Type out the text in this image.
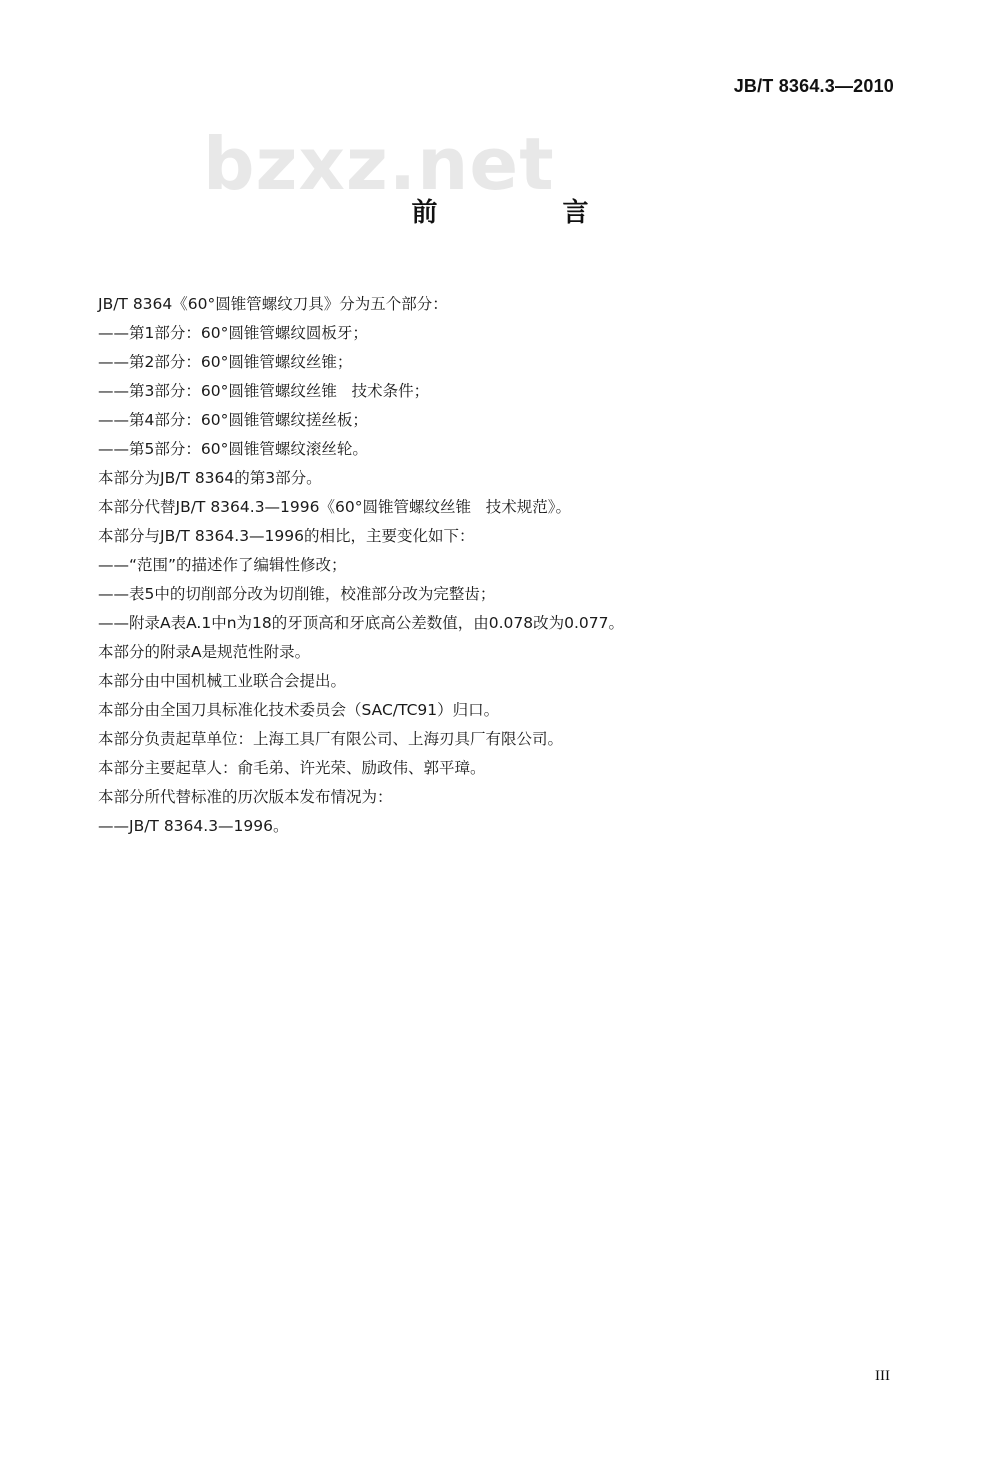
JB/T 8364.3—2010
bzxz.net
前 言

JB/T 8364《60°圆锥管螺纹刀具》分为五个部分：

——第1部分：60°圆锥管螺纹圆板牙；

——第2部分：60°圆锥管螺纹丝锥；

——第3部分：60°圆锥管螺纹丝锥   技术条件；

——第4部分：60°圆锥管螺纹搓丝板；

——第5部分：60°圆锥管螺纹滚丝轮。

本部分为JB/T 8364的第3部分。

本部分代替JB/T 8364.3—1996《60°圆锥管螺纹丝锥   技术规范》。

本部分与JB/T 8364.3—1996的相比，主要变化如下：

——“范围”的描述作了编辑性修改；

——表5中的切削部分改为切削锥，校准部分改为完整齿；

——附录A表A.1中n为18的牙顶高和牙底高公差数值，由0.078改为0.077。

本部分的附录A是规范性附录。

本部分由中国机械工业联合会提出。

本部分由全国刀具标准化技术委员会（SAC/TC91）归口。

本部分负责起草单位：上海工具厂有限公司、上海刃具厂有限公司。

本部分主要起草人：俞毛弟、许光荣、励政伟、郭平璋。

本部分所代替标准的历次版本发布情况为：

——JB/T 8364.3—1996。

III
